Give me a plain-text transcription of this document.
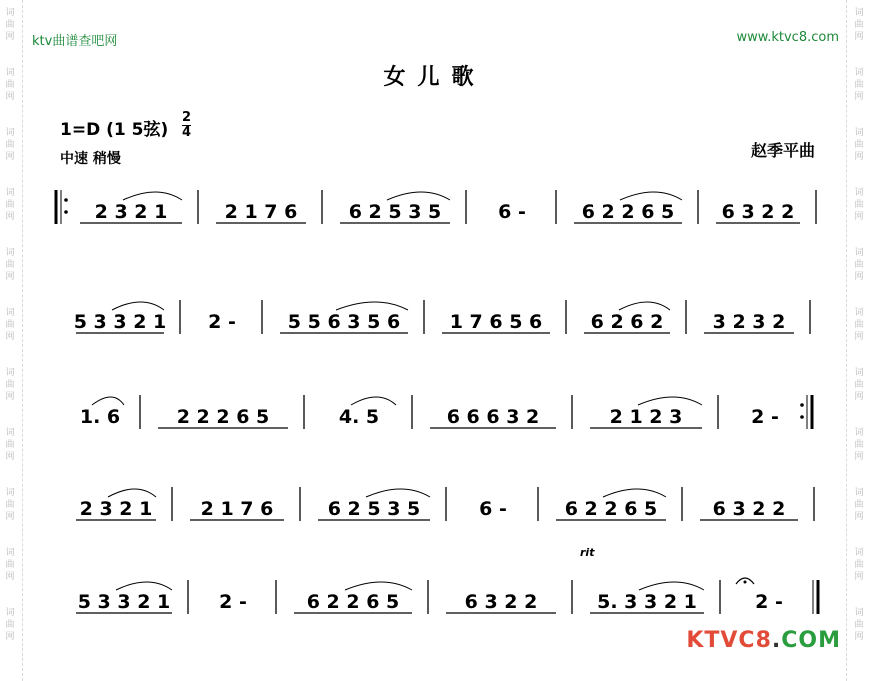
词
曲
网
词
曲
网
词
曲
网
词
曲
网
词
曲
网
词
曲
网
词
曲
网
词
曲
网
词
曲
网
词
曲
网
词
曲
网
词
曲
网
词
曲
网
词
曲
网
词
曲
网
词
曲
网
词
曲
网
词
曲
网
词
曲
网
词
曲
网
词
曲
网
词
曲
网
ktv曲谱查吧网	www.ktvc8.com
女儿歌
1=D (1 5弦) $\frac{2}{4}$
中速 稍慢	赵季平曲
2 3 2 1	2 1 7 6	6 2 5 3 5	6 -	6 2 2 6 5 6 3 2 2
5 3 3 2 1 2 -	5 5 6 3 5 6	1 7 6 5 6	6 2 6 2	3 2 3 2
1. 6	2 2 2 6 5	4. 5	6 6 6 3 2	2 1 2 3	2 -
2 3 2 1	2 1 7 6	6 2 5 3 5	6 -	6 2 2 6 5	6 3 2 2
5 3 3 2 1	2 -	6 2 2 6 5	6 3 2 2	5. 3 3 2 1	2 -
rit
KTVC8.COM
